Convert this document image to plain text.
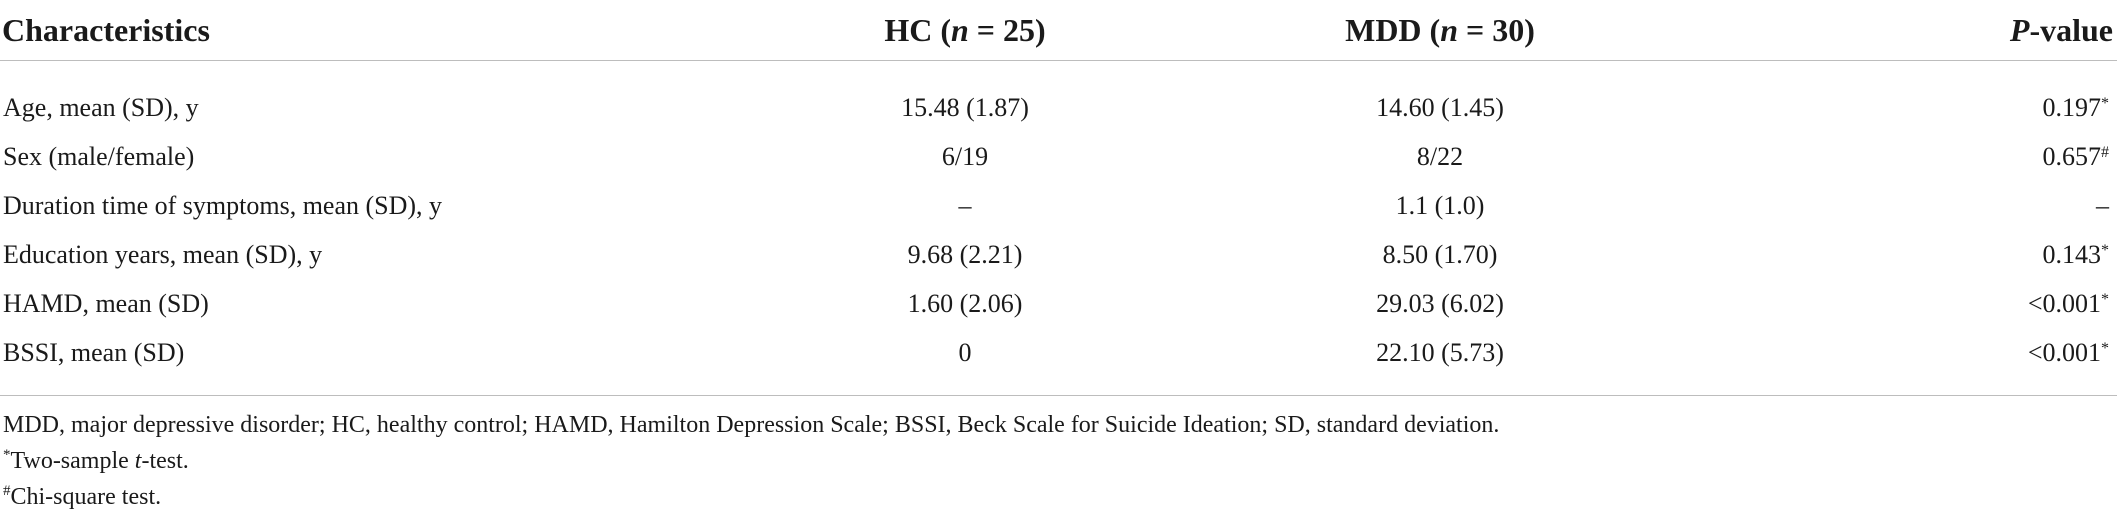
Characteristics	HC (n = 25)	MDD (n = 30)	P-value
Age, mean (SD), y	15.48 (1.87)	14.60 (1.45)	0.197*
Sex (male/female)	6/19	8/22	0.657#
Duration time of symptoms, mean (SD), y	–	1.1 (1.0)	–
Education years, mean (SD), y	9.68 (2.21)	8.50 (1.70)	0.143*
HAMD, mean (SD)	1.60 (2.06)	29.03 (6.02)	<0.001*
BSSI, mean (SD)	0	22.10 (5.73)	<0.001*
MDD, major depressive disorder; HC, healthy control; HAMD, Hamilton Depression Scale; BSSI, Beck Scale for Suicide Ideation; SD, standard deviation.
*Two-sample t-test.
#Chi-square test.
